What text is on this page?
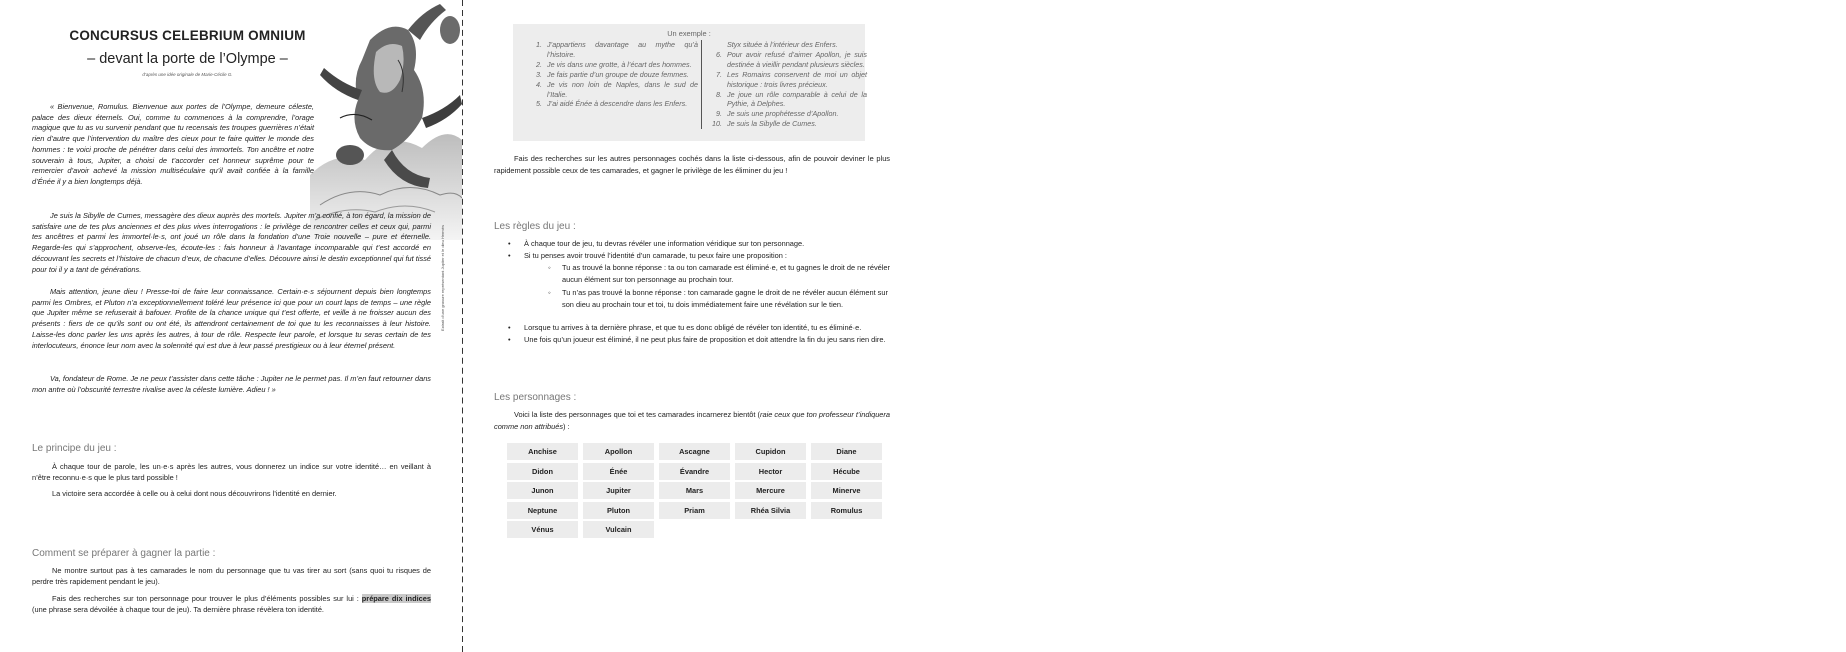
CONCURSUS CELEBRIUM OMNIUM
– devant la porte de l’Olympe –
d’après une idée originale de Marie-Cécile G.
Extrait d’une gravure représentant Jupiter et le dieu Hermès

« Bienvenue, Romulus. Bienvenue aux portes de l’Olympe, demeure céleste, palace des dieux éternels. Oui, comme tu commences à la comprendre, l’orage magique que tu as vu survenir pendant que tu recensais tes troupes guerrières n’était rien d’autre que l’intervention du maître des cieux pour te faire quitter le monde des hommes : te voici proche de pénétrer dans celui des immortels. Ton ancêtre et notre souverain à tous, Jupiter, a choisi de t’accorder cet honneur suprême pour te remercier d’avoir achevé la mission multiséculaire qu’il avait confiée à la famille d’Énée il y a bien longtemps déjà.

Je suis la Sibylle de Cumes, messagère des dieux auprès des mortels. Jupiter m’a confié, à ton égard, la mission de satisfaire une de tes plus anciennes et des plus vives interrogations : le privilège de rencontrer celles et ceux qui, parmi tes ancêtres et parmi les immortel·le·s, ont joué un rôle dans la fondation d’une Troie nouvelle – pure et éternelle. Regarde-les qui s’approchent, observe-les, écoute-les : fais honneur à l’avantage incomparable qui t’est accordé en découvrant les secrets et l’histoire de chacun d’eux, de chacune d’elles. Découvre ainsi le destin exceptionnel qui fut tissé pour toi il y a tant de générations.

Mais attention, jeune dieu ! Presse-toi de faire leur connaissance. Certain·e·s séjournent depuis bien longtemps parmi les Ombres, et Pluton n’a exceptionnellement toléré leur présence ici que pour un court laps de temps – une règle que Jupiter même se refuserait à bafouer. Profite de la chance unique qui t’est offerte, et veille à ne froisser aucun des présents : fiers de ce qu’ils sont ou ont été, ils attendront certainement de toi que tu les reconnaisses à leur histoire. Laisse-les donc parler les uns après les autres, à tour de rôle. Respecte leur parole, et lorsque tu seras certain de tes interlocuteurs, énonce leur nom avec la solennité qui est due à leur passé prestigieux ou à leur éternel présent.

Va, fondateur de Rome. Je ne peux t’assister dans cette tâche : Jupiter ne le permet pas. Il m’en faut retourner dans mon antre où l’obscurité terrestre rivalise avec la céleste lumière. Adieu ! »

Le principe du jeu :

À chaque tour de parole, les un·e·s après les autres, vous donnerez un indice sur votre identité… en veillant à n’être reconnu·e·s que le plus tard possible !

La victoire sera accordée à celle ou à celui dont nous découvrirons l’identité en dernier.

Comment se préparer à gagner la partie :

Ne montre surtout pas à tes camarades le nom du personnage que tu vas tirer au sort (sans quoi tu risques de perdre très rapidement pendant le jeu).

Fais des recherches sur ton personnage pour trouver le plus d’éléments possibles sur lui : prépare dix indices (une phrase sera dévoilée à chaque tour de jeu). Ta dernière phrase révèlera ton identité.

Un exemple :
1. J’appartiens davantage au mythe qu’à l’histoire.
2. Je vis dans une grotte, à l’écart des hommes.
3. Je fais partie d’un groupe de douze femmes.
4. Je vis non loin de Naples, dans le sud de l’Italie.
5. J’ai aidé Énée à descendre dans les Enfers.
Styx située à l’intérieur des Enfers.
6. Pour avoir refusé d’aimer Apollon, je suis destinée à vieillir pendant plusieurs siècles.
7. Les Romains conservent de moi un objet historique : trois livres précieux.
8. Je joue un rôle comparable à celui de la Pythie, à Delphes.
9. Je suis une prophétesse d’Apollon.
10. Je suis la Sibylle de Cumes.

Fais des recherches sur les autres personnages cochés dans la liste ci-dessous, afin de pouvoir deviner le plus rapidement possible ceux de tes camarades, et gagner le privilège de les éliminer du jeu !

Les règles du jeu :
• À chaque tour de jeu, tu devras révéler une information véridique sur ton personnage.
• Si tu penses avoir trouvé l’identité d’un camarade, tu peux faire une proposition :
◦ Tu as trouvé la bonne réponse : ta ou ton camarade est éliminé·e, et tu gagnes le droit de ne révéler aucun élément sur ton personnage au prochain tour.
◦ Tu n’as pas trouvé la bonne réponse : ton camarade gagne le droit de ne révéler aucun élément sur son dieu au prochain tour et toi, tu dois immédiatement faire une révélation sur le tien.
• Lorsque tu arrives à ta dernière phrase, et que tu es donc obligé de révéler ton identité, tu es éliminé·e.
• Une fois qu’un joueur est éliminé, il ne peut plus faire de proposition et doit attendre la fin du jeu sans rien dire.
Les personnages :

Voici la liste des personnages que toi et tes camarades incarnerez bientôt (raie ceux que ton professeur t’indiquera comme non attribués) :

Anchise	Apollon	Ascagne	Cupidon	Diane
Didon	Énée	Évandre	Hector	Hécube
Junon	Jupiter	Mars	Mercure	Minerve
Neptune	Pluton	Priam	Rhéa Silvia	Romulus
Vénus	Vulcain
